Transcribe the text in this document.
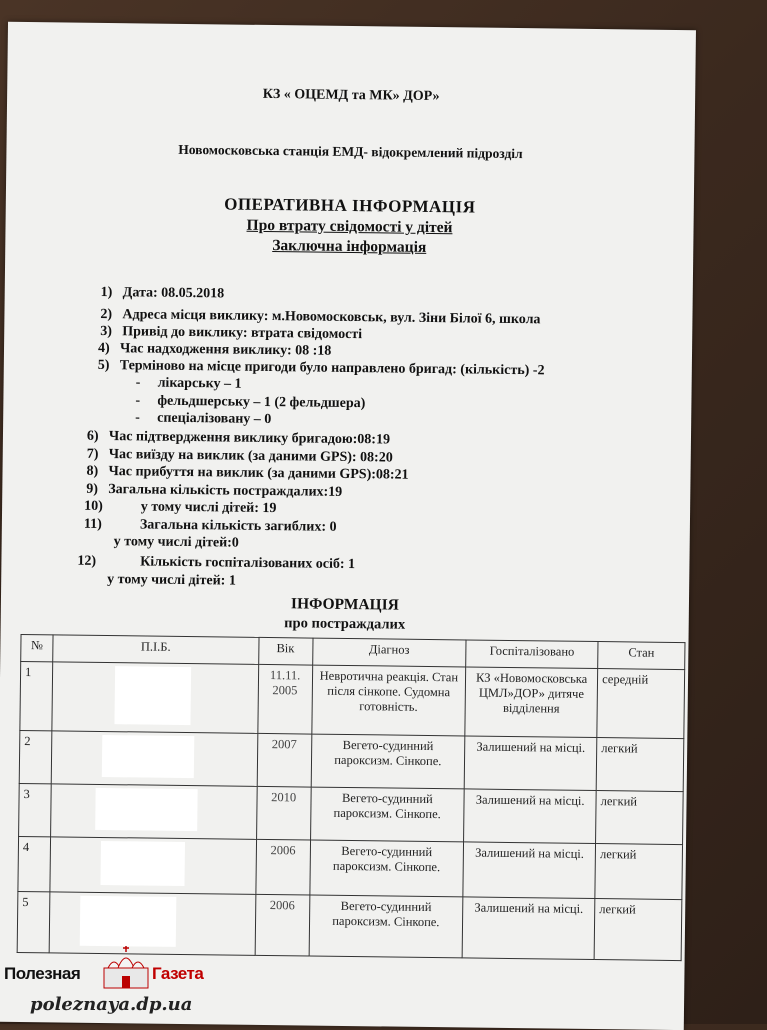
КЗ « ОЦЕМД та МК» ДОР»
Новомосковська станція ЕМД- відокремлений підрозділ
ОПЕРАТИВНА ІНФОРМАЦІЯ
Про втрату свідомості у дітей
Заключна інформація
1) Дата: 08.05.2018
2) Адреса місця виклику: м.Новомосковськ, вул. Зіни Білої 6, школа
3) Привід до виклику: втрата свідомості
4) Час надходження виклику: 08 :18
5) Терміново на місце пригоди було направлено бригад: (кількість) -2
- лікарську – 1
- фельдшерську – 1 (2 фельдшера)
- спеціалізовану – 0
6) Час підтвердження виклику бригадою:08:19
7) Час виїзду на виклик (за даними GPS): 08:20
8) Час прибуття на виклик (за даними GPS):08:21
9) Загальна кількість постраждалих:19
10)	у тому числі дітей: 19
11)	Загальна кількість загиблих: 0
у тому числі дітей:0
12)	Кількість госпіталізованих осіб: 1
у тому числі дітей: 1
ІНФОРМАЦІЯ
про постраждалих
№	П.І.Б.	Вік	Діагноз	Госпіталізовано	Стан
1		11.11. 2005	Невротична реакція. Стан після сінкопе. Судомна готовність.	КЗ «Новомосковська ЦМЛ»ДОР» дитяче відділення	середній
2		2007	Вегето-судинний пароксизм. Сінкопе.	Залишений на місці.	легкий
3		2010	Вегето-судинний пароксизм. Сінкопе.	Залишений на місці.	легкий
4		2006	Вегето-судинний пароксизм. Сінкопе.	Залишений на місці.	легкий
5		2006	Вегето-судинний пароксизм. Сінкопе.	Залишений на місці.	легкий
Полезная	Газета
poleznaya.dp.ua
